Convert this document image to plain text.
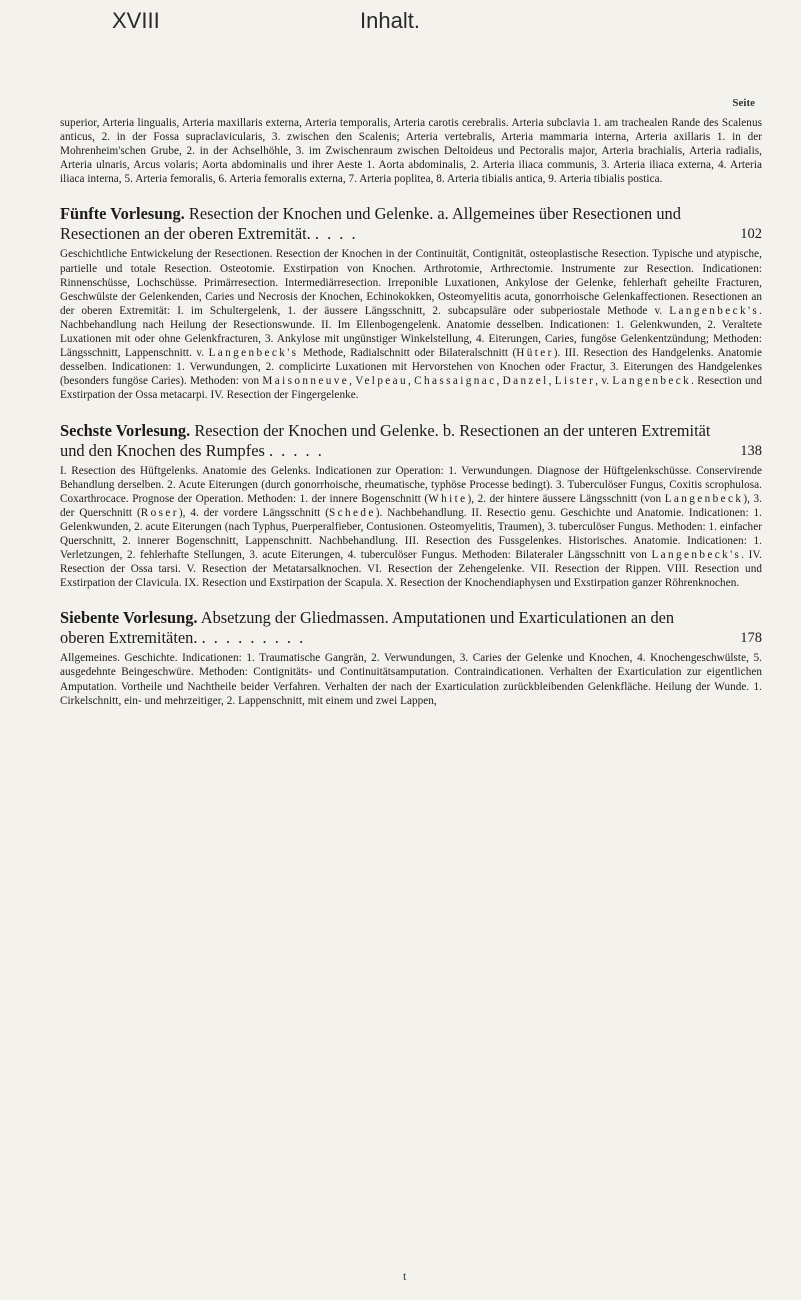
XVIII	Inhalt.
Seite

superior, Arteria lingualis, Arteria maxillaris externa, Arteria temporalis, Arteria carotis cerebralis. Arteria subclavia 1. am trachealen Rande des Scalenus anticus, 2. in der Fossa supraclavicularis, 3. zwischen den Scalenis; Arteria vertebralis, Arteria mammaria interna, Arteria axillaris 1. in der Mohrenheim'schen Grube, 2. in der Achselhöhle, 3. im Zwischenraum zwischen Deltoideus und Pectoralis major, Arteria brachialis, Arteria radialis, Arteria ulnaris, Arcus volaris; Aorta abdominalis und ihrer Aeste 1. Aorta abdominalis, 2. Arteria iliaca communis, 3. Arteria iliaca externa, 4. Arteria iliaca interna, 5. Arteria femoralis, 6. Arteria femoralis externa, 7. Arteria poplitea, 8. Arteria tibialis antica, 9. Arteria tibialis postica.

Fünfte Vorlesung. Resection der Knochen und Gelenke. a. Allgemeines über Resectionen und Resectionen an der oberen Extremität. . . . .	102

Geschichtliche Entwickelung der Resectionen. Resection der Knochen in der Continuität, Contignität, osteoplastische Resection. Typische und atypische, partielle und totale Resection. Osteotomie. Exstirpation von Knochen. Arthrotomie, Arthrectomie. Instrumente zur Resection. Indicationen: Rinnenschüsse, Lochschüsse. Primärresection. Intermediärresection. Irreponible Luxationen, Ankylose der Gelenke, fehlerhaft geheilte Fracturen, Geschwülste der Gelenkenden, Caries und Necrosis der Knochen, Echinokokken, Osteomyelitis acuta, gonorrhoische Gelenkaffectionen. Resectionen an der oberen Extremität: I. im Schultergelenk, 1. der äussere Längsschnitt, 2. subcapsuläre oder subperiostale Methode v. Langenbeck's. Nachbehandlung nach Heilung der Resectionswunde. II. Im Ellenbogengelenk. Anatomie desselben. Indicationen: 1. Gelenkwunden, 2. Veraltete Luxationen mit oder ohne Gelenkfracturen, 3. Ankylose mit ungünstiger Winkelstellung, 4. Eiterungen, Caries, fungöse Gelenkentzündung; Methoden: Längsschnitt, Lappenschnitt. v. Langenbeck's Methode, Radialschnitt oder Bilateralschnitt (Hüter). III. Resection des Handgelenks. Anatomie desselben. Indicationen: 1. Verwundungen, 2. complicirte Luxationen mit Hervorstehen von Knochen oder Fractur, 3. Eiterungen des Handgelenkes (besonders fungöse Caries). Methoden: von Maisonneuve, Velpeau, Chassaignac, Danzel, Lister, v. Langenbeck. Resection und Exstirpation der Ossa metacarpi. IV. Resection der Fingergelenke.

Sechste Vorlesung. Resection der Knochen und Gelenke. b. Resectionen an der unteren Extremität und den Knochen des Rumpfes . . . . .	138

I. Resection des Hüftgelenks. Anatomie des Gelenks. Indicationen zur Operation: 1. Verwundungen. Diagnose der Hüftgelenkschüsse. Conservirende Behandlung derselben. 2. Acute Eiterungen (durch gonorrhoische, rheumatische, typhöse Processe bedingt). 3. Tuberculöser Fungus, Coxitis scrophulosa. Coxarthrocace. Prognose der Operation. Methoden: 1. der innere Bogenschnitt (White), 2. der hintere äussere Längsschnitt (von Langenbeck), 3. der Querschnitt (Roser), 4. der vordere Längsschnitt (Schede). Nachbehandlung. II. Resectio genu. Geschichte und Anatomie. Indicationen: 1. Gelenkwunden, 2. acute Eiterungen (nach Typhus, Puerperalfieber, Contusionen. Osteomyelitis, Traumen), 3. tuberculöser Fungus. Methoden: 1. einfacher Querschnitt, 2. innerer Bogenschnitt, Lappenschnitt. Nachbehandlung. III. Resection des Fussgelenkes. Historisches. Anatomie. Indicationen: 1. Verletzungen, 2. fehlerhafte Stellungen, 3. acute Eiterungen, 4. tuberculöser Fungus. Methoden: Bilateraler Längsschnitt von Langenbeck's. IV. Resection der Ossa tarsi. V. Resection der Metatarsalknochen. VI. Resection der Zehengelenke. VII. Resection der Rippen. VIII. Resection und Exstirpation der Clavicula. IX. Resection und Exstirpation der Scapula. X. Resection der Knochendiaphysen und Exstirpation ganzer Röhrenknochen.

Siebente Vorlesung. Absetzung der Gliedmassen. Amputationen und Exarticulationen an den oberen Extremitäten. . . . . . . . . .	178

Allgemeines. Geschichte. Indicationen: 1. Traumatische Gangrän, 2. Verwundungen, 3. Caries der Gelenke und Knochen, 4. Knochengeschwülste, 5. ausgedehnte Beingeschwüre. Methoden: Contignitäts- und Continuitätsamputation. Contraindicationen. Verhalten der Exarticulation zur eigentlichen Amputation. Vortheile und Nachtheile beider Verfahren. Verhalten der nach der Exarticulation zurückbleibenden Gelenkfläche. Heilung der Wunde. 1. Cirkelschnitt, ein- und mehrzeitiger, 2. Lappenschnitt, mit einem und zwei Lappen,

t
